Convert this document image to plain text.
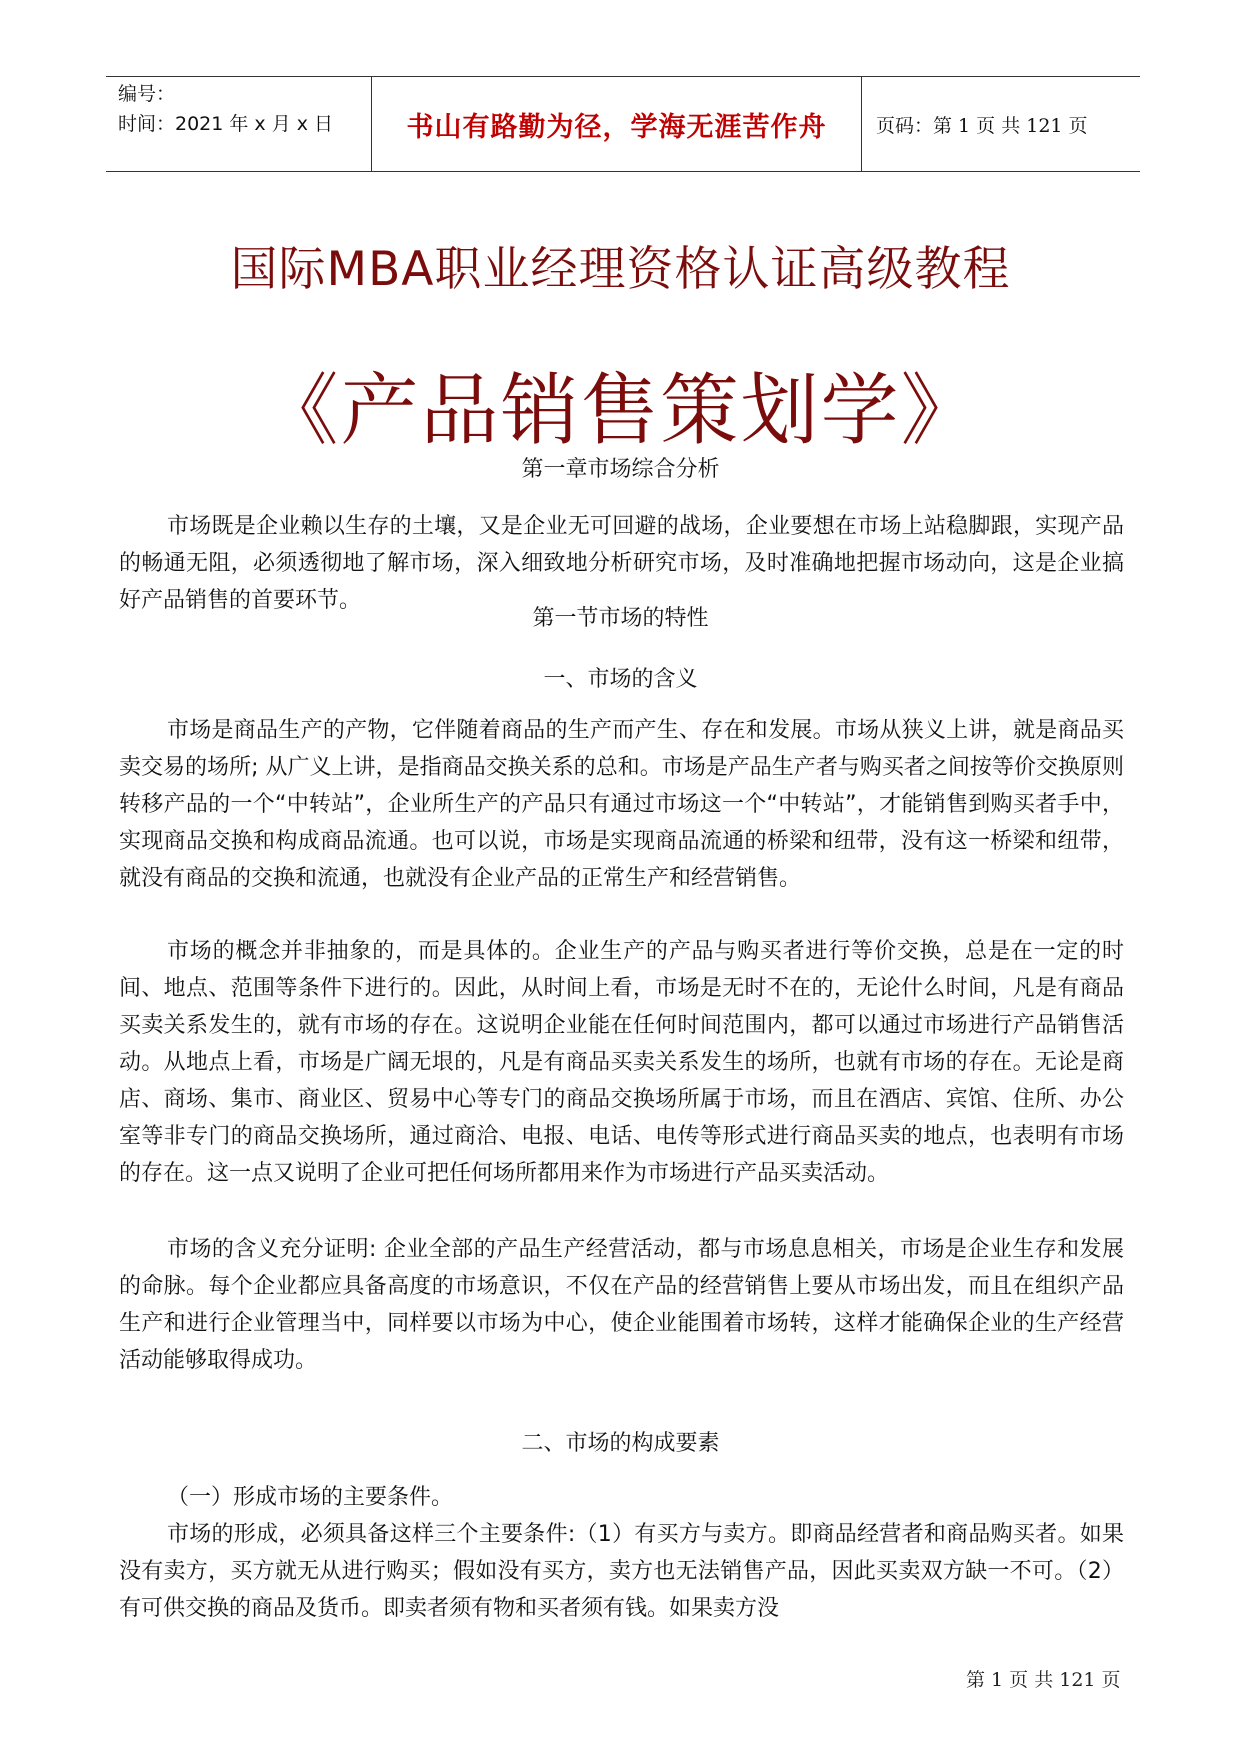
编号：
时间：2021 年 x 月 x 日	书山有路勤为径，学海无涯苦作舟	页码：第 1 页 共 121 页
国际MBA职业经理资格认证高级教程
《产品销售策划学》
第一章市场综合分析

市场既是企业赖以生存的土壤，又是企业无可回避的战场，企业要想在市场上站稳脚跟，实现产品的畅通无阻，必须透彻地了解市场，深入细致地分析研究市场，及时准确地把握市场动向，这是企业搞好产品销售的首要环节。

第一节市场的特性
一、市场的含义

市场是商品生产的产物，它伴随着商品的生产而产生、存在和发展。市场从狭义上讲，就是商品买卖交易的场所; 从广义上讲，是指商品交换关系的总和。市场是产品生产者与购买者之间按等价交换原则转移产品的一个“中转站”，企业所生产的产品只有通过市场这一个“中转站”，才能销售到购买者手中，实现商品交换和构成商品流通。也可以说，市场是实现商品流通的桥梁和纽带，没有这一桥梁和纽带，就没有商品的交换和流通，也就没有企业产品的正常生产和经营销售。

市场的概念并非抽象的，而是具体的。企业生产的产品与购买者进行等价交换，总是在一定的时间、地点、范围等条件下进行的。因此，从时间上看，市场是无时不在的，无论什么时间，凡是有商品买卖关系发生的，就有市场的存在。这说明企业能在任何时间范围内，都可以通过市场进行产品销售活动。从地点上看，市场是广阔无垠的，凡是有商品买卖关系发生的场所，也就有市场的存在。无论是商店、商场、集市、商业区、贸易中心等专门的商品交换场所属于市场，而且在酒店、宾馆、住所、办公室等非专门的商品交换场所，通过商洽、电报、电话、电传等形式进行商品买卖的地点，也表明有市场的存在。这一点又说明了企业可把任何场所都用来作为市场进行产品买卖活动。

市场的含义充分证明: 企业全部的产品生产经营活动，都与市场息息相关，市场是企业生存和发展的命脉。每个企业都应具备高度的市场意识，不仅在产品的经营销售上要从市场出发，而且在组织产品生产和进行企业管理当中，同样要以市场为中心，使企业能围着市场转，这样才能确保企业的生产经营活动能够取得成功。

二、市场的构成要素
（一）形成市场的主要条件。

市场的形成，必须具备这样三个主要条件:（1）有买方与卖方。即商品经营者和商品购买者。如果没有卖方，买方就无从进行购买；假如没有买方，卖方也无法销售产品，因此买卖双方缺一不可。（2）有可供交换的商品及货币。即卖者须有物和买者须有钱。如果卖方没

第 1 页 共 121 页
